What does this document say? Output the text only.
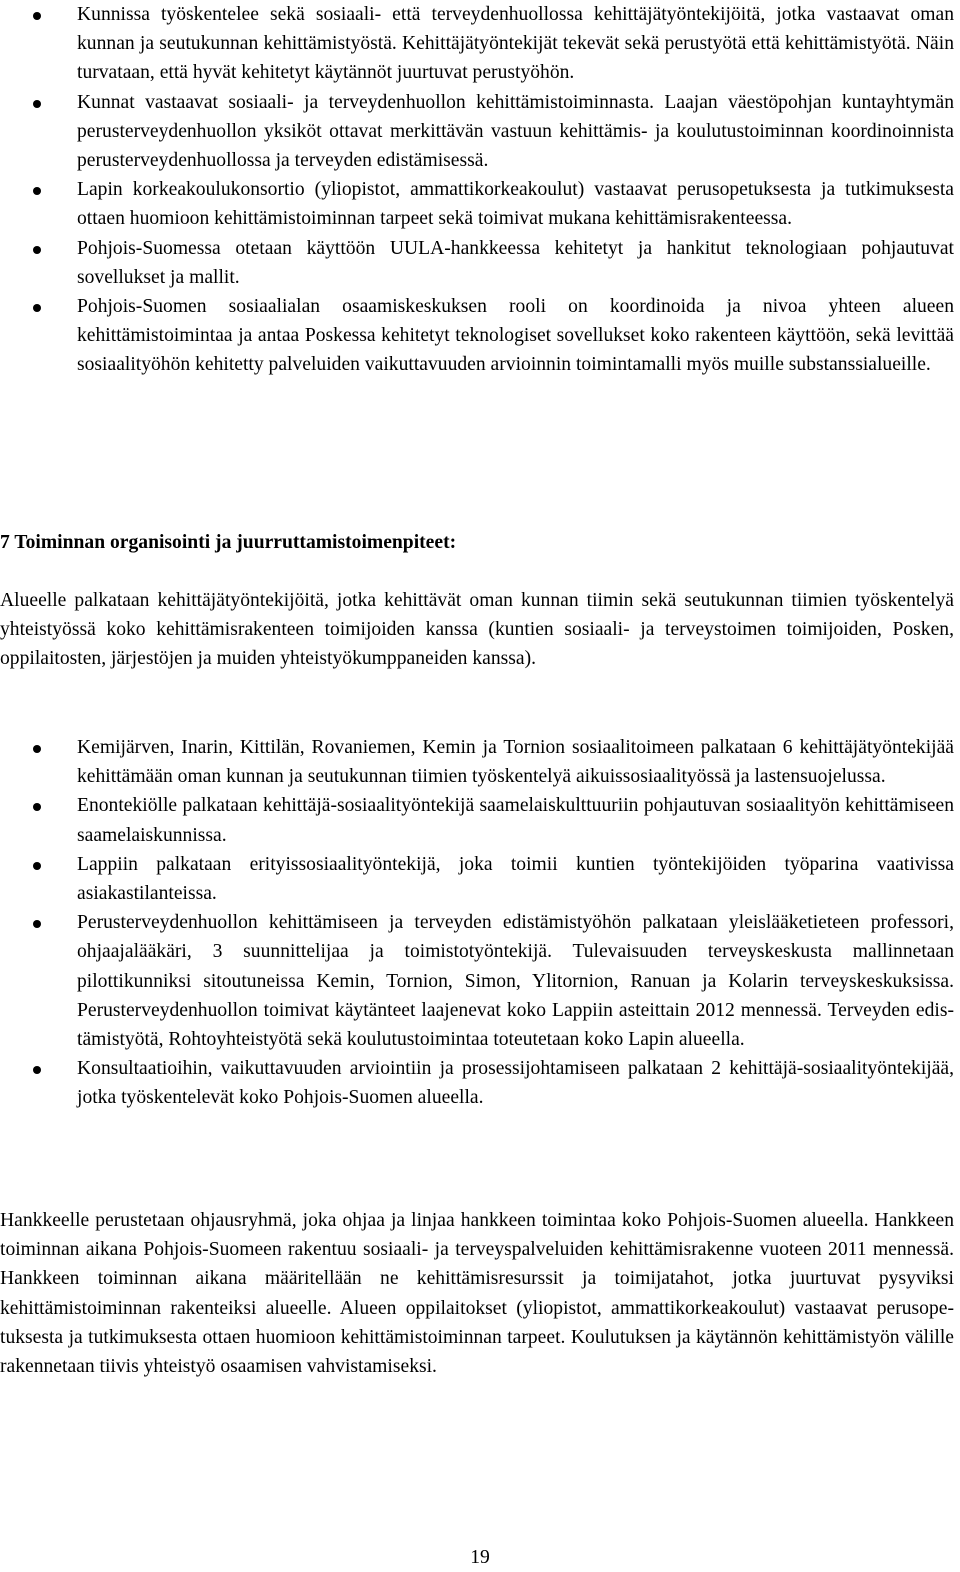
Kunnissa työskentelee sekä sosiaali- että terveydenhuollossa kehittäjätyöntekijöitä, jotka vastaavat oman kunnan ja seutukunnan kehittämistyöstä. Kehittäjätyöntekijät tekevät sekä perustyötä että kehittämistyötä. Näin turvataan, että hyvät kehitetyt käytännöt juurtuvat perustyöhön.
Kunnat vastaavat sosiaali- ja terveydenhuollon kehittämistoiminnasta. Laajan väestöpohjan kuntayhtymän perusterveydenhuollon yksiköt ottavat merkittävän vastuun kehittämis- ja koulutustoiminnan koordinoinnista perusterveydenhuollossa ja terveyden edistämisessä.
Lapin korkeakoulukonsortio (yliopistot, ammattikorkeakoulut) vastaavat perusopetuksesta ja tutkimuksesta ottaen huomioon kehittämistoiminnan tarpeet sekä toimivat mukana kehittämisrakenteessa.
Pohjois-Suomessa otetaan käyttöön UULA-hankkeessa kehitetyt ja hankitut teknologiaan pohjautuvat sovellukset ja mallit.
Pohjois-Suomen sosiaalialan osaamiskeskuksen rooli on koordinoida ja nivoa yhteen alueen kehittämistoimintaa ja antaa Poskessa kehitetyt teknologiset sovellukset koko rakenteen käyttöön, sekä levittää sosiaalityöhön kehitetty palveluiden vaikuttavuuden arvioinnin toimintamalli myös muille substanssialueille.
7 Toiminnan organisointi ja juurruttamistoimenpiteet:

Alueelle palkataan kehittäjätyöntekijöitä, jotka kehittävät oman kunnan tiimin sekä seutukunnan tiimien työskentelyä yhteistyössä koko kehittämisrakenteen toimijoiden kanssa (kuntien sosiaali- ja terveystoimen toimijoiden, Posken, oppilaitosten, järjestöjen ja muiden yhteistyökumppaneiden kanssa).

Kemijärven, Inarin, Kittilän, Rovaniemen, Kemin ja Tornion sosiaalitoimeen palkataan 6 kehittäjätyöntekijää kehittämään oman kunnan ja seutukunnan tiimien työskentelyä aikuissosiaalityössä ja lastensuojelussa.
Enontekiölle palkataan kehittäjä-sosiaalityöntekijä saamelaiskulttuuriin pohjautuvan sosiaalityön kehittämiseen saamelaiskunnissa.
Lappiin palkataan erityissosiaalityöntekijä, joka toimii kuntien työntekijöiden työparina vaativissa asiakastilanteissa.
Perusterveydenhuollon kehittämiseen ja terveyden edistämistyöhön palkataan yleislääketieteen professori, ohjaajalääkäri, 3 suunnittelijaa ja toimistotyöntekijä. Tulevaisuuden terveyskeskusta mallinnetaan pilottikunniksi sitoutuneissa Kemin, Tornion, Simon, Ylitornion, Ranuan ja Kolarin terveyskeskuksissa. Perusterveydenhuollon toimivat käytänteet laajenevat koko Lappiin asteittain 2012 mennessä. Terveyden edistämistyötä, Rohtoyhteistyötä sekä koulutustoimintaa toteutetaan koko Lapin alueella.
Konsultaatioihin, vaikuttavuuden arviointiin ja prosessijohtamiseen palkataan 2 kehittäjä-sosiaalityöntekijää, jotka työskentelevät koko Pohjois-Suomen alueella.

Hankkeelle perustetaan ohjausryhmä, joka ohjaa ja linjaa hankkeen toimintaa koko Pohjois-Suomen alueella. Hankkeen toiminnan aikana Pohjois-Suomeen rakentuu sosiaali- ja terveyspalveluiden kehittämisrakenne vuoteen 2011 mennessä. Hankkeen toiminnan aikana määritellään ne kehittämisresurssit ja toimijatahot, jotka juurtuvat pysyviksi kehittämistoiminnan rakenteiksi alueelle. Alueen oppilaitokset (yliopistot, ammattikorkeakoulut) vastaavat perusopetuksesta ja tutkimuksesta ottaen huomioon kehittämistoiminnan tarpeet. Koulutuksen ja käytännön kehittämistyön välille rakennetaan tiivis yhteistyö osaamisen vahvistamiseksi.

19
